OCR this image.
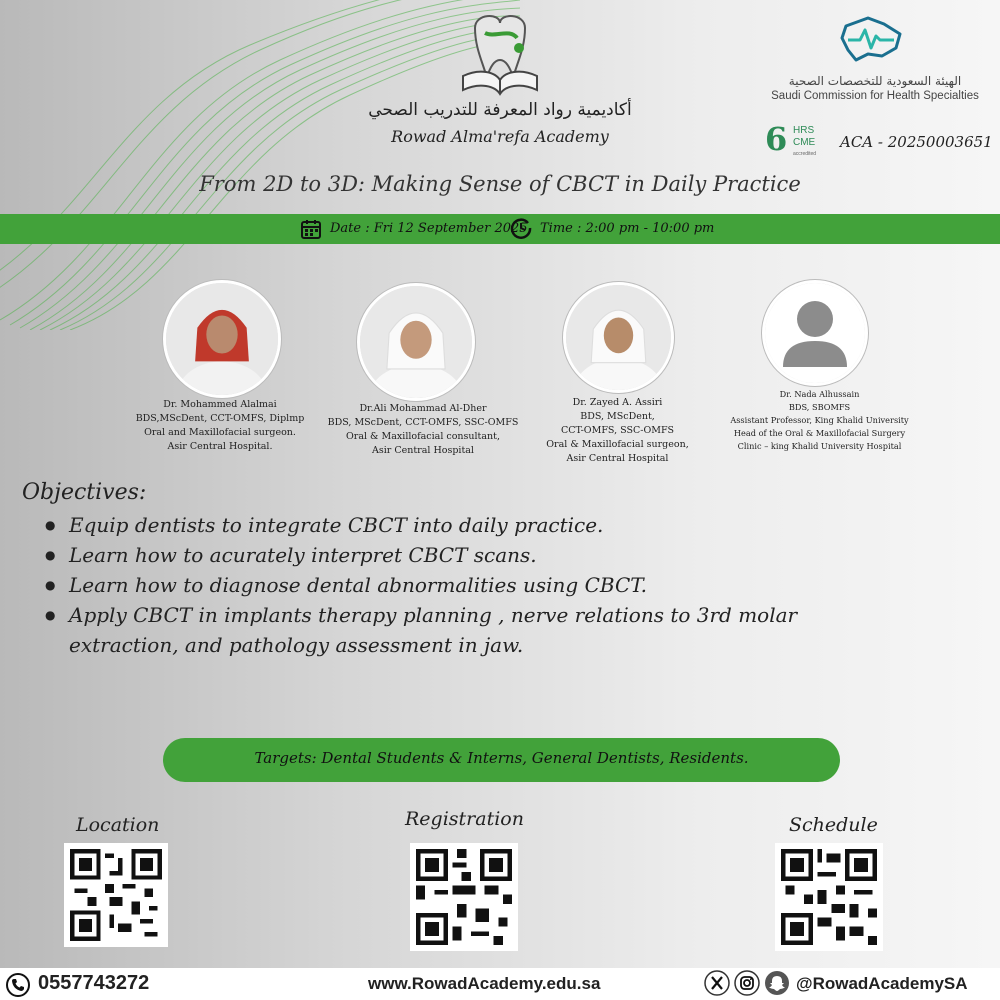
أكاديمية رواد المعرفة للتدريب الصحي
Rowad Alma'refa Academy
الهيئة السعودية للتخصصات الصحية
Saudi Commission for Health Specialties
6 HRS
CME
accredited
ACA - 20250003651
From 2D to 3D: Making Sense of CBCT in Daily Practice
Date : Fri 12 September 2025 Time : 2:00 pm - 10:00 pm
Dr. Mohammed Alalmai
BDS,MScDent, CCT-OMFS, Diplmp
Oral and Maxillofacial surgeon.
Asir Central Hospital.
Dr.Ali Mohammad Al-Dher
BDS, MScDent, CCT-OMFS, SSC-OMFS
Oral & Maxillofacial consultant,
Asir Central Hospital
Dr. Zayed A. Assiri
BDS, MScDent,
CCT-OMFS, SSC-OMFS
Oral & Maxillofacial surgeon,
Asir Central Hospital
Dr. Nada Alhussain
BDS, SBOMFS
Assistant Professor, King Khalid University
Head of the Oral & Maxillofacial Surgery
Clinic – king Khalid University Hospital
Objectives:
● Equip dentists to integrate CBCT into daily practice.
● Learn how to acurately interpret CBCT scans.
● Learn how to diagnose dental abnormalities using CBCT.
● Apply CBCT in implants therapy planning , nerve relations to 3rd molar extraction, and pathology assessment in jaw.
Targets: Dental Students & Interns, General Dentists, Residents.
Location	Registration	Schedule
0557743272	www.RowadAcademy.edu.sa	@RowadAcademySA
